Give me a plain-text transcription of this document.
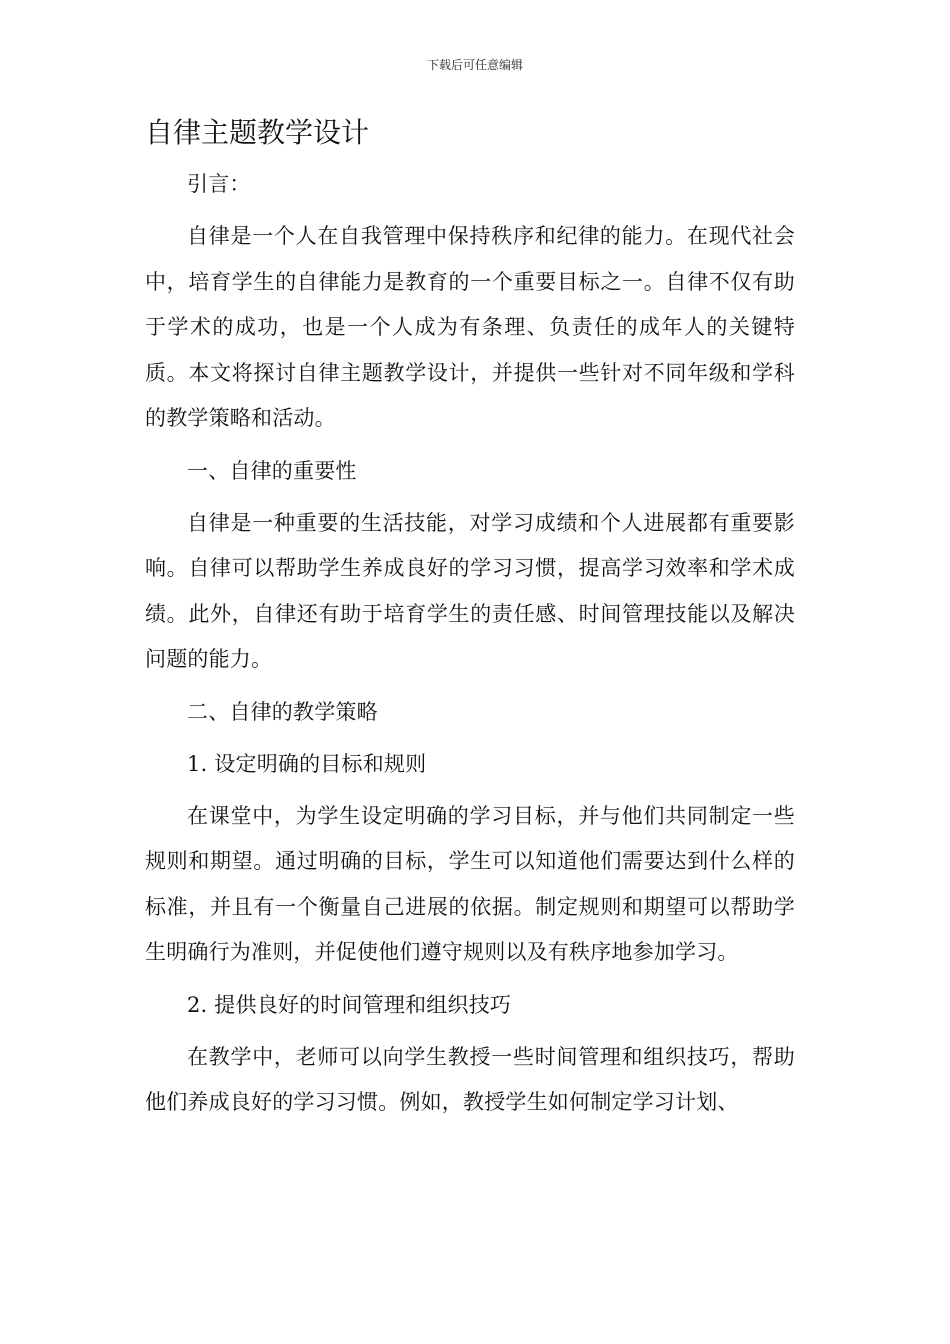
下载后可任意编辑
自律主题教学设计

引言：

自律是一个人在自我管理中保持秩序和纪律的能力。在现代社会中，培育学生的自律能力是教育的一个重要目标之一。自律不仅有助于学术的成功，也是一个人成为有条理、负责任的成年人的关键特质。本文将探讨自律主题教学设计，并提供一些针对不同年级和学科的教学策略和活动。

一、自律的重要性

自律是一种重要的生活技能，对学习成绩和个人进展都有重要影响。自律可以帮助学生养成良好的学习习惯，提高学习效率和学术成绩。此外，自律还有助于培育学生的责任感、时间管理技能以及解决问题的能力。

二、自律的教学策略

1. 设定明确的目标和规则

在课堂中，为学生设定明确的学习目标，并与他们共同制定一些规则和期望。通过明确的目标，学生可以知道他们需要达到什么样的标准，并且有一个衡量自己进展的依据。制定规则和期望可以帮助学生明确行为准则，并促使他们遵守规则以及有秩序地参加学习。

2. 提供良好的时间管理和组织技巧

在教学中，老师可以向学生教授一些时间管理和组织技巧，帮助他们养成良好的学习习惯。例如，教授学生如何制定学习计划、
